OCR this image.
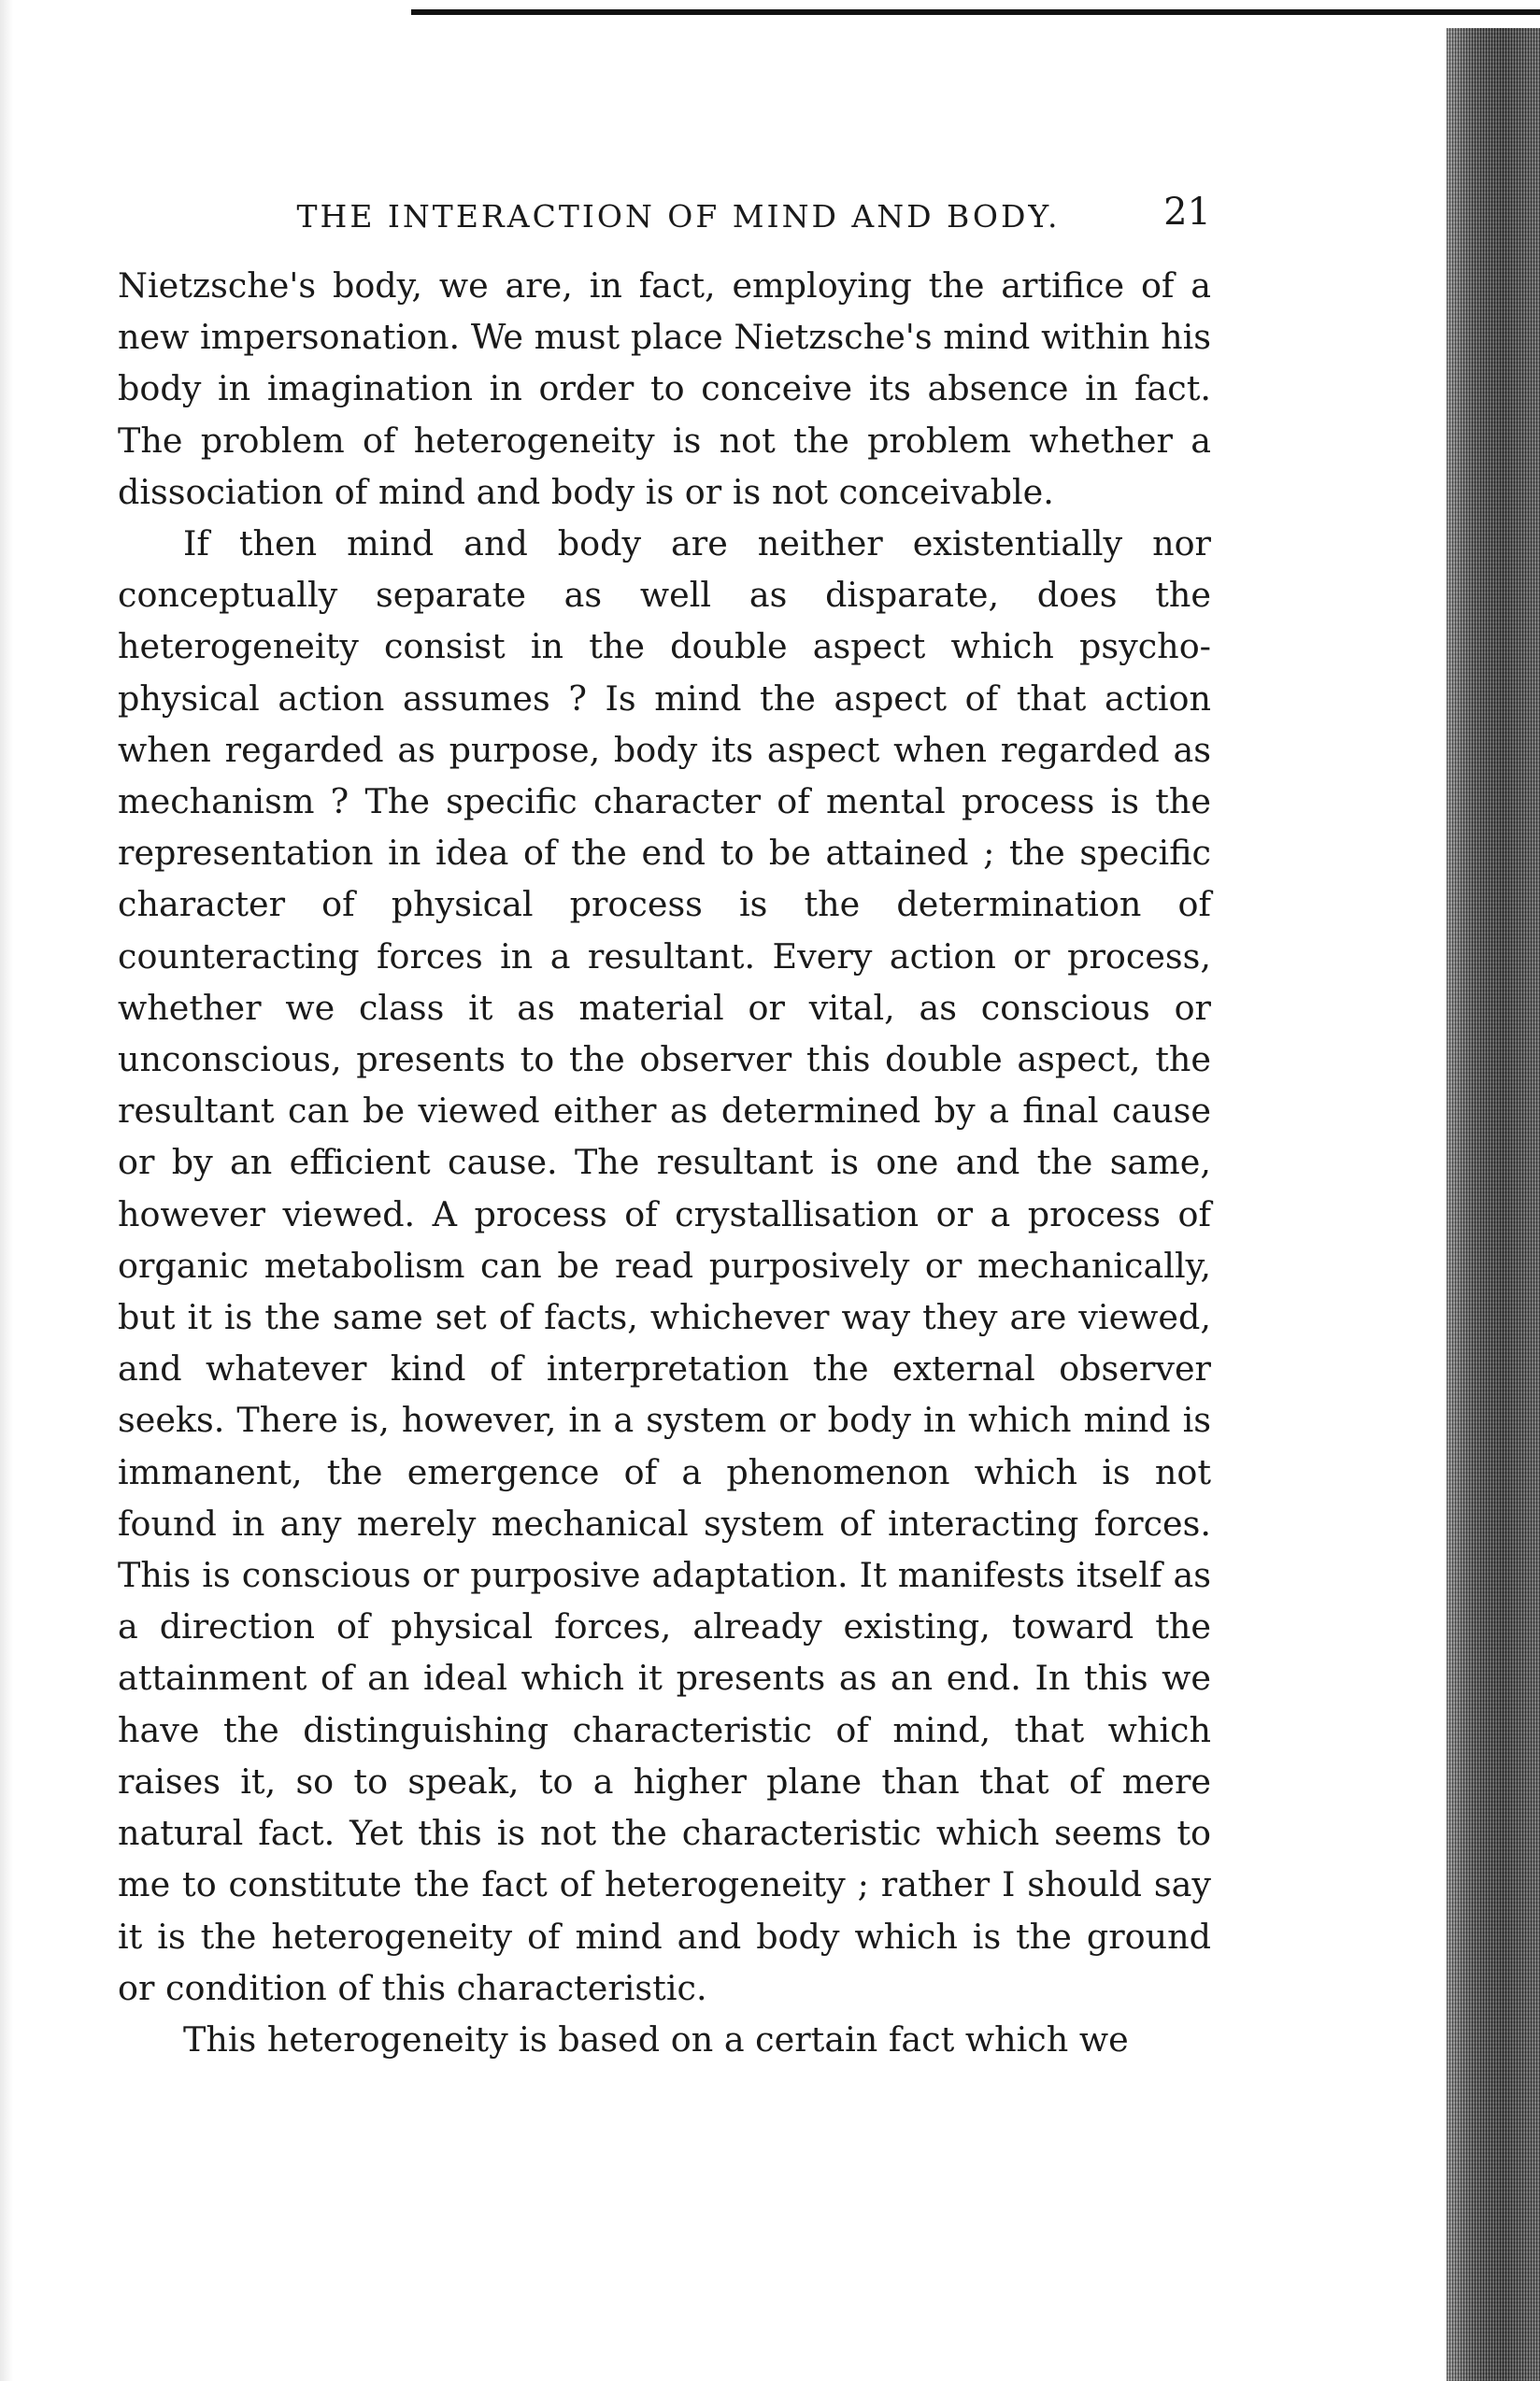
THE INTERACTION OF MIND AND BODY.	21

Nietzsche's body, we are, in fact, employing the artifice of a new impersonation. We must place Nietzsche's mind within his body in imagination in order to conceive its absence in fact. The problem of heterogeneity is not the problem whether a dissociation of mind and body is or is not conceivable.

If then mind and body are neither existentially nor conceptually separate as well as disparate, does the heterogeneity consist in the double aspect which psycho-physical action assumes ? Is mind the aspect of that action when regarded as purpose, body its aspect when regarded as mechanism ? The specific character of mental process is the representation in idea of the end to be attained ; the specific character of physical process is the determination of counteracting forces in a resultant. Every action or process, whether we class it as material or vital, as conscious or unconscious, presents to the observer this double aspect, the resultant can be viewed either as determined by a final cause or by an efficient cause. The resultant is one and the same, however viewed. A process of crystallisation or a process of organic metabolism can be read purposively or mechanically, but it is the same set of facts, whichever way they are viewed, and whatever kind of interpretation the external observer seeks. There is, however, in a system or body in which mind is immanent, the emergence of a phenomenon which is not found in any merely mechanical system of interacting forces. This is conscious or purposive adaptation. It manifests itself as a direction of physical forces, already existing, toward the attainment of an ideal which it presents as an end. In this we have the distinguishing characteristic of mind, that which raises it, so to speak, to a higher plane than that of mere natural fact. Yet this is not the characteristic which seems to me to constitute the fact of heterogeneity ; rather I should say it is the heterogeneity of mind and body which is the ground or condition of this characteristic.

This heterogeneity is based on a certain fact which we
